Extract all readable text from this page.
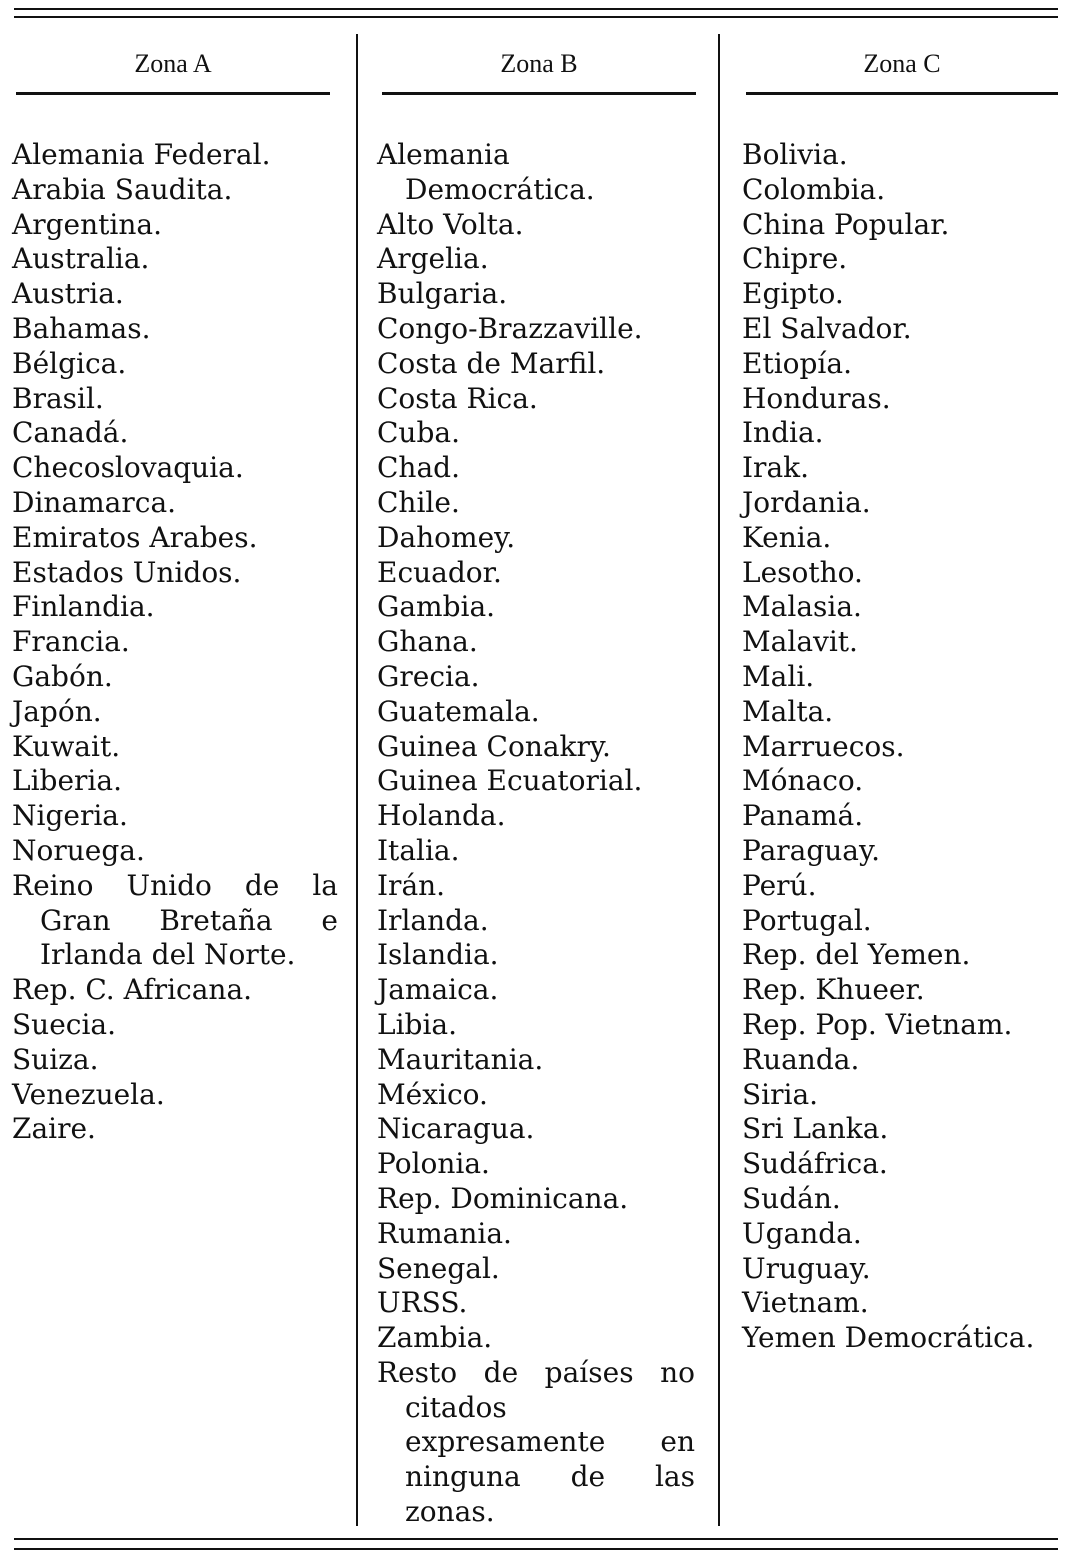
Zona A
Alemania Federal.
Arabia Saudita.
Argentina.
Australia.
Austria.
Bahamas.
Bélgica.
Brasil.
Canadá.
Checoslovaquia.
Dinamarca.
Emiratos Arabes.
Estados Unidos.
Finlandia.
Francia.
Gabón.
Japón.
Kuwait.
Liberia.
Nigeria.
Noruega.
Reino Unido de la Gran Bretaña e Irlanda del Norte.
Rep. C. Africana.
Suecia.
Suiza.
Venezuela.
Zaire.
Zona B
Alemania Democrática.
Alto Volta.
Argelia.
Bulgaria.
Congo-Brazzaville.
Costa de Marfil.
Costa Rica.
Cuba.
Chad.
Chile.
Dahomey.
Ecuador.
Gambia.
Ghana.
Grecia.
Guatemala.
Guinea Conakry.
Guinea Ecuatorial.
Holanda.
Italia.
Irán.
Irlanda.
Islandia.
Jamaica.
Libia.
Mauritania.
México.
Nicaragua.
Polonia.
Rep. Dominicana.
Rumania.
Senegal.
URSS.
Zambia.
Resto de países no citados expresamente en ninguna de las zonas.
Zona C
Bolivia.
Colombia.
China Popular.
Chipre.
Egipto.
El Salvador.
Etiopía.
Honduras.
India.
Irak.
Jordania.
Kenia.
Lesotho.
Malasia.
Malavit.
Mali.
Malta.
Marruecos.
Mónaco.
Panamá.
Paraguay.
Perú.
Portugal.
Rep. del Yemen.
Rep. Khueer.
Rep. Pop. Vietnam.
Ruanda.
Siria.
Sri Lanka.
Sudáfrica.
Sudán.
Uganda.
Uruguay.
Vietnam.
Yemen Democrática.
